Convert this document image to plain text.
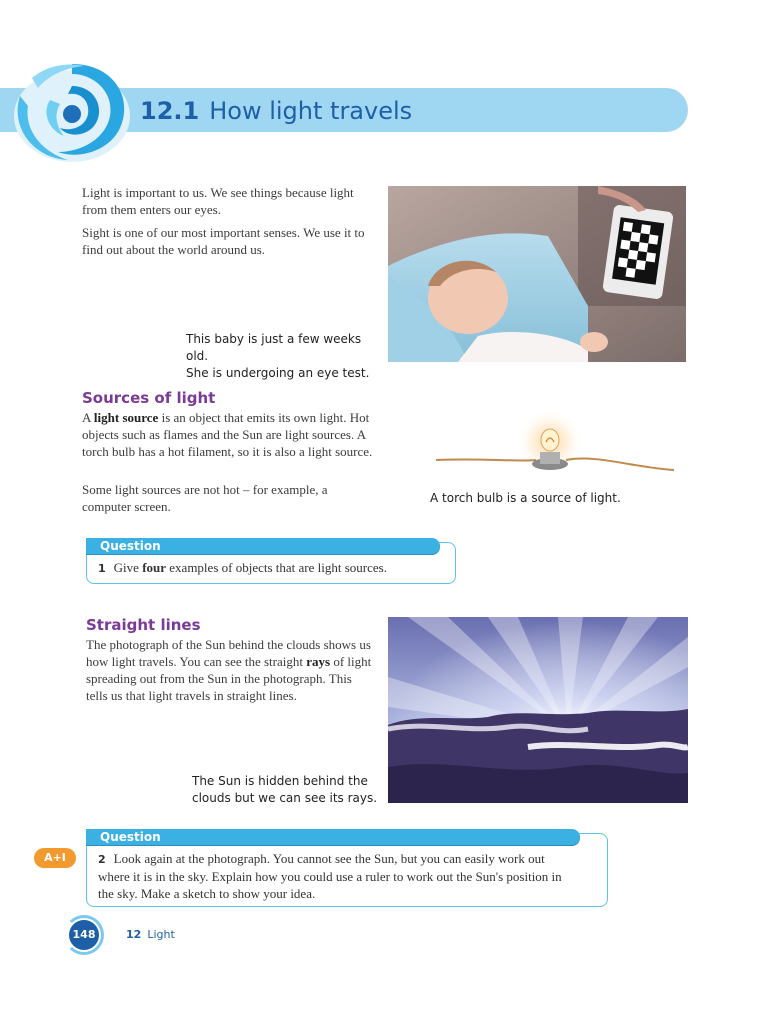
12.1 How light travels
Light is important to us. We see things because light from them enters our eyes.
Sight is one of our most important senses. We use it to find out about the world around us.
This baby is just a few weeks old.
She is undergoing an eye test.
Sources of light
A light source is an object that emits its own light. Hot objects such as flames and the Sun are light sources. A torch bulb has a hot filament, so it is also a light source.
Some light sources are not hot – for example, a computer screen.
A torch bulb is a source of light.
Question
1 Give four examples of objects that are light sources.
Straight lines
The photograph of the Sun behind the clouds shows us how light travels. You can see the straight rays of light spreading out from the Sun in the photograph. This tells us that light travels in straight lines.
The Sun is hidden behind the
clouds but we can see its rays.
A+I
Question
2 Look again at the photograph. You cannot see the Sun, but you can easily work out where it is in the sky. Explain how you could use a ruler to work out the Sun's position in the sky. Make a sketch to show your idea.
148	12 Light
